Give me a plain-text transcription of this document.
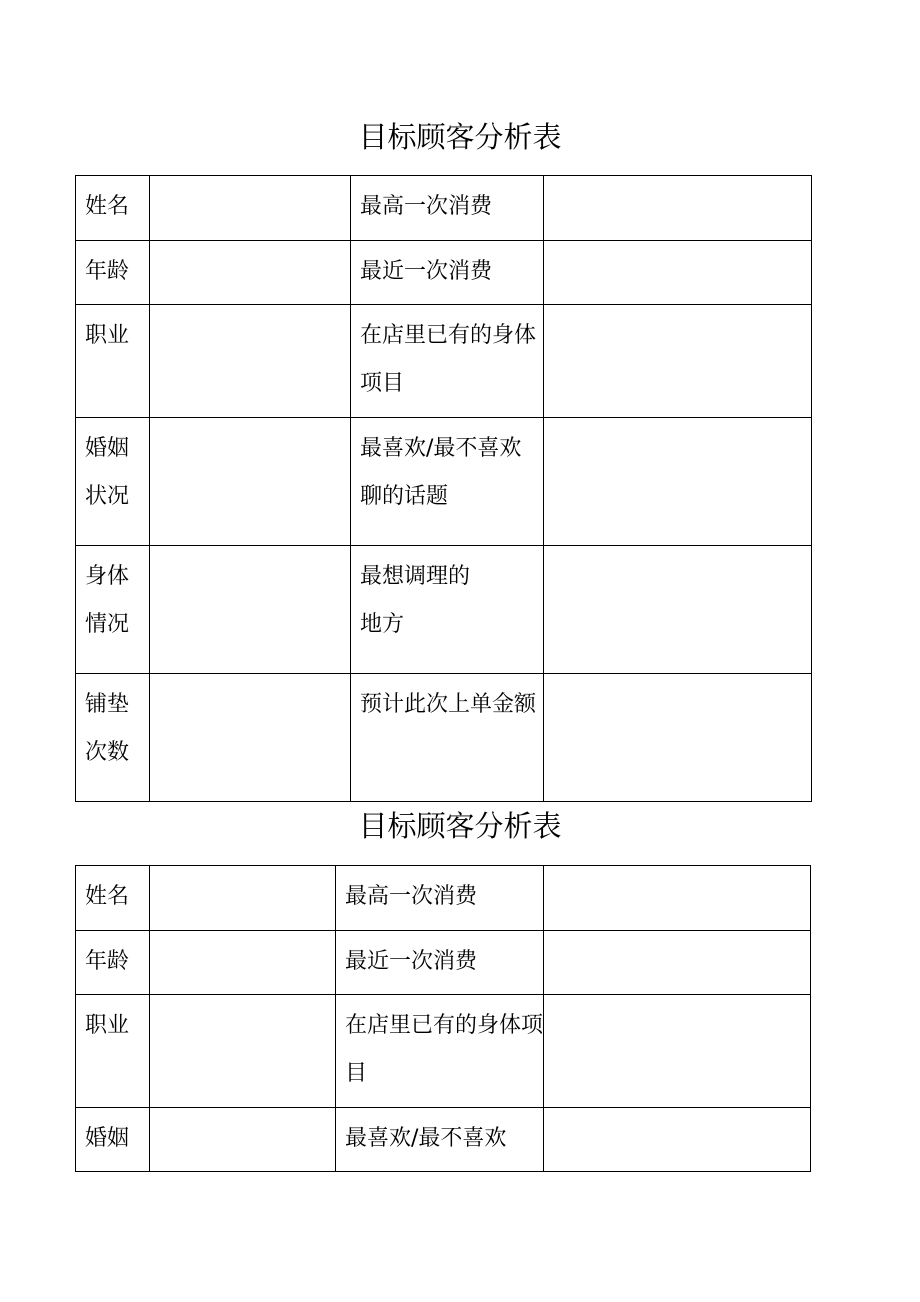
目标顾客分析表
姓名		最高一次消费	
年龄		最近一次消费	
职业		在店里已有的身体项目	

婚姻状况		最喜欢/最不喜欢聊的话题	

身体情况		最想调理的地方	

铺垫次数		预计此次上单金额	

目标顾客分析表
姓名		最高一次消费	
年龄		最近一次消费	
职业		在店里已有的身体项目	

婚姻		最喜欢/最不喜欢	
